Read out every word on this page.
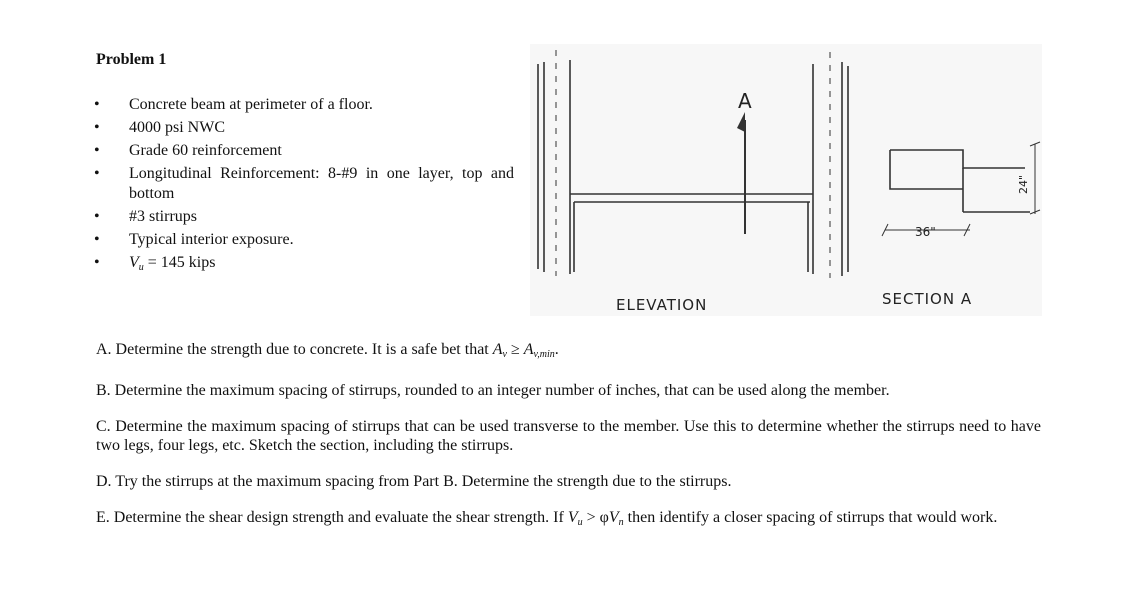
Problem 1
• Concrete beam at perimeter of a floor.
• 4000 psi NWC
• Grade 60 reinforcement
• Longitudinal Reinforcement: 8-#9 in one layer, top and bottom
• #3 stirrups
• Typical interior exposure.
• $V_u = 145$ kips
A
ELEVATION
36"
24"
SECTION A

A. Determine the strength due to concrete. It is a safe bet that $A_v \ge A_{v,min}$.

B. Determine the maximum spacing of stirrups, rounded to an integer number of inches, that can be used along the member.

C. Determine the maximum spacing of stirrups that can be used transverse to the member. Use this to determine whether the stirrups need to have two legs, four legs, etc. Sketch the section, including the stirrups.

D. Try the stirrups at the maximum spacing from Part B. Determine the strength due to the stirrups.

E. Determine the shear design strength and evaluate the shear strength. If $V_u > \varphi V_n$ then identify a closer spacing of stirrups that would work.
